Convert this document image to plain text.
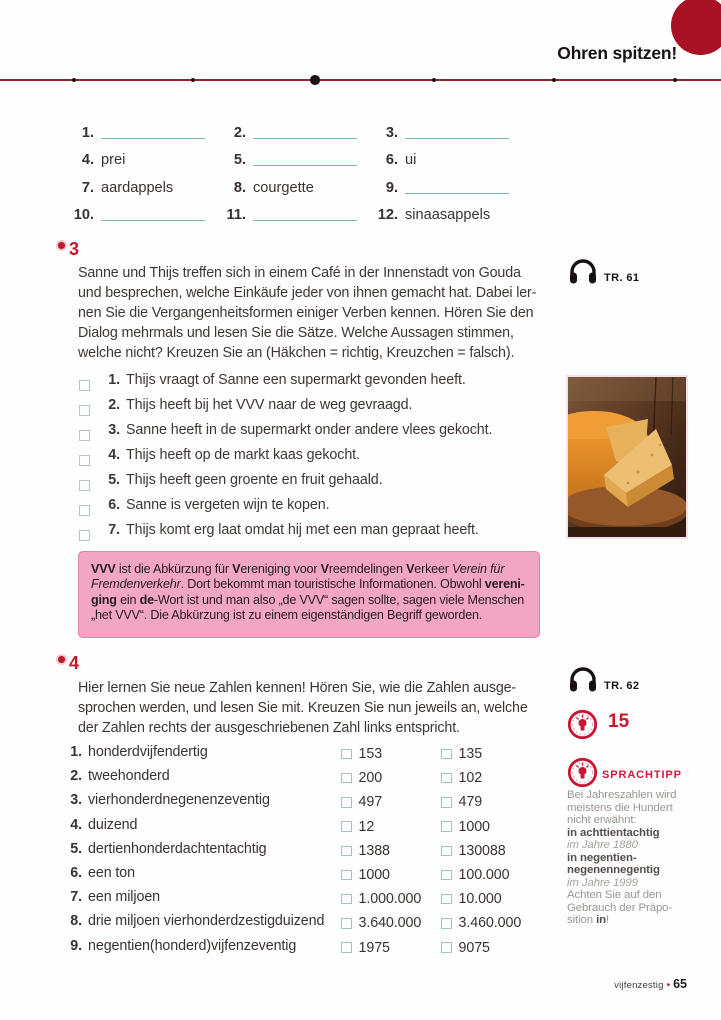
Ohren spitzen!
1.	2.	3.
4. prei	5.	6. ui
7. aardappels	8. courgette	9.
10.	11.	12. sinaasappels
3
Sanne und Thijs treffen sich in einem Café in der Innenstadt von Gouda
und besprechen, welche Einkäufe jeder von ihnen gemacht hat. Dabei ler-
nen Sie die Vergangenheitsformen einiger Verben kennen. Hören Sie den
Dialog mehrmals und lesen Sie die Sätze. Welche Aussagen stimmen,
welche nicht? Kreuzen Sie an (Häkchen = richtig, Kreuzchen = falsch).
1. Thijs vraagt of Sanne een supermarkt gevonden heeft.
2. Thijs heeft bij het VVV naar de weg gevraagd.
3. Sanne heeft in de supermarkt onder andere vlees gekocht.
4. Thijs heeft op de markt kaas gekocht.
5. Thijs heeft geen groente en fruit gehaald.
6. Sanne is vergeten wijn te kopen.
7. Thijs komt erg laat omdat hij met een man gepraat heeft.
VVV ist die Abkürzung für Vereniging voor Vreemdelingen Verkeer Verein für
Fremdenverkehr. Dort bekommt man touristische Informationen. Obwohl vereni-
ging ein de-Wort ist und man also „de VVV“ sagen sollte, sagen viele Menschen
„het VVV“. Die Abkürzung ist zu einem eigenständigen Begriff geworden.
4
Hier lernen Sie neue Zahlen kennen! Hören Sie, wie die Zahlen ausge-
sprochen werden, und lesen Sie mit. Kreuzen Sie nun jeweils an, welche
der Zahlen rechts der ausgeschriebenen Zahl links entspricht.
1. honderdvijfendertig	153	135
2. tweehonderd	200	102
3. vierhonderdnegenenzeventig	497	479
4. duizend	12	1000
5. dertienhonderdachtentachtig	1388	130088
6. een ton	1000	100.000
7. een miljoen	1.000.000	10.000
8. drie miljoen vierhonderdzestigduizend 3.640.000	3.460.000
9. negentien(honderd)vijfenzeventig	1975	9075
TR. 61
TR. 62
15
SPRACHTIPP
Bei Jahreszahlen wird
meistens die Hundert
nicht erwähnt:
in achttientachtig
im Jahre 1880
in negentien-
negenennegentig
im Jahre 1999
Achten Sie auf den
Gebrauch der Präpo-
sition in!
vijfenzestig • 65
